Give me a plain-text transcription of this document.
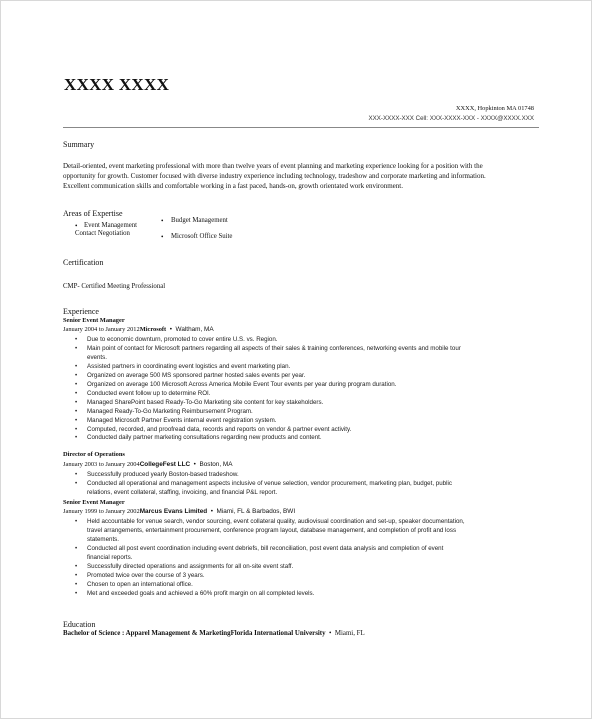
XXXX XXXX
XXXX, Hopkinton MA 01748
XXX-XXXX-XXX Cell: XXX-XXXX-XXX - XXXX@XXXX.XXX
Summary
Detail-oriented, event marketing professional with more than twelve years of event planning and marketing experience looking for a position with the
opportunity for growth. Customer focused with diverse industry experience including technology, tradeshow and corporate marketing and information.
Excellent communication skills and comfortable working in a fast paced, hands-on, growth orientated work environment.
Areas of Expertise
• Event Management
Contact Negotiation
• Budget Management
• Microsoft Office Suite
Certification
CMP- Certified Meeting Professional
Experience
Senior Event Manager
January 2004 to January 2012Microsoft  •  Waltham, MA
• Due to economic downturn, promoted to cover entire U.S. vs. Region.
• Main point of contact for Microsoft partners regarding all aspects of their sales & training conferences, networking events and mobile tour
events.
• Assisted partners in coordinating event logistics and event marketing plan.
• Organized on average 500 MS sponsored partner hosted sales events per year.
• Organized on average 100 Microsoft Across America Mobile Event Tour events per year during program duration.
• Conducted event follow up to determine ROI.
• Managed SharePoint based Ready-To-Go Marketing site content for key stakeholders.
• Managed Ready-To-Go Marketing Reimbursement Program.
• Managed Microsoft Partner Events internal event registration system.
• Computed, recorded, and proofread data, records and reports on vendor & partner event activity.
• Conducted daily partner marketing consultations regarding new products and content.
Director of Operations
January 2003 to January 2004CollegeFest LLC  •  Boston, MA
• Successfully produced yearly Boston-based tradeshow.
• Conducted all operational and management aspects inclusive of venue selection, vendor procurement, marketing plan, budget, public
relations, event collateral, staffing, invoicing, and financial P&L report.
Senior Event Manager
January 1999 to January 2002Marcus Evans Limited  •  Miami, FL & Barbados, BWI
• Held accountable for venue search, vendor sourcing, event collateral quality, audiovisual coordination and set-up, speaker documentation,
travel arrangements, entertainment procurement, conference program layout, database management, and completion of profit and loss
statements.
• Conducted all post event coordination including event debriefs, bill reconciliation, post event data analysis and completion of event
financial reports.
• Successfully directed operations and assignments for all on-site event staff.
• Promoted twice over the course of 3 years.
• Chosen to open an international office.
• Met and exceeded goals and achieved a 60% profit margin on all completed levels.
Education
Bachelor of Science : Apparel Management & MarketingFlorida International University  •  Miami, FL
